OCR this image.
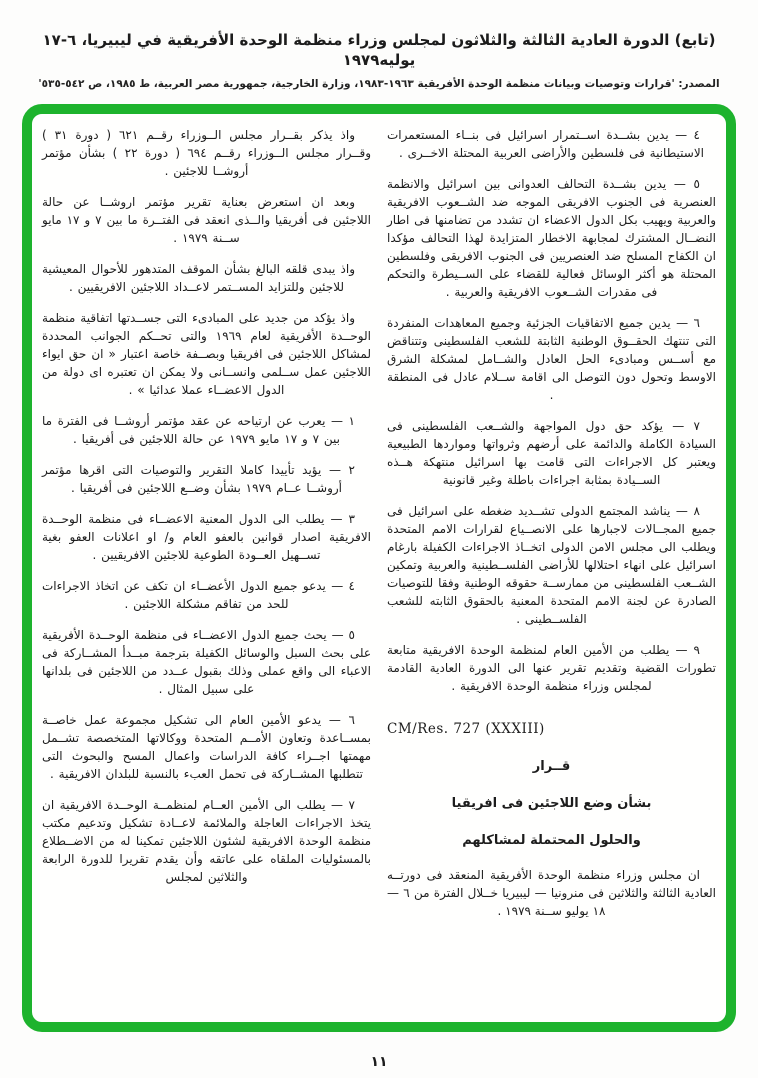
(تابع) الدورة العادية الثالثة والثلاثون لمجلس وزراء منظمة الوحدة الأفريقية في ليبيريا، ٦-١٧ يوليه١٩٧٩
المصدر: 'قرارات وتوصيات وبيانات منظمة الوحدة الأفريقية ١٩٦٣-١٩٨٣، وزارة الخارجية، جمهورية مصر العربية، ط ١٩٨٥، ص ٥٤٢-٥٣٥'

٤ — يدين بشــدة اســتمرار اسرائيل فى بنــاء المستعمرات الاستيطانية فى فلسطين والأراضى العربية المحتلة الاخــرى .

٥ — يدين بشــدة التحالف العدوانى بين اسرائيل والانظمة العنصرية فى الجنوب الافريقى الموجه ضد الشــعوب الافريقية والعربية ويهيب بكل الدول الاعضاء ان تشدد من تضامنها فى اطار النضــال المشترك لمجابهة الاخطار المتزايدة لهذا التحالف مؤكدا ان الكفاح المسلح ضد العنصريين فى الجنوب الافريقى وفلسطين المحتلة هو أكثر الوسائل فعالية للقضاء على الســيطرة والتحكم فى مقدرات الشــعوب الافريقية والعربية .

٦ — يدين جميع الاتفاقيات الجزئية وجميع المعاهدات المنفردة التى تنتهك الحقــوق الوطنية الثابتة للشعب الفلسطينى وتتناقض مع أســس ومبادىء الحل العادل والشــامل لمشكلة الشرق الاوسط وتحول دون التوصل الى اقامة ســلام عادل فى المنطقة .

٧ — يؤكد حق دول المواجهة والشــعب الفلسطينى فى السيادة الكاملة والدائمة على أرضهم وثرواتها ومواردها الطبيعية ويعتبر كل الاجراءات التى قامت بها اسرائيل منتهكة هــذه الســيادة بمثابة اجراءات باطلة وغير قانونية

٨ — يناشد المجتمع الدولى تشــديد ضغطه على اسرائيل فى جميع المجــالات لاجبارها على الانصــياع لقرارات الامم المتحدة ويطلب الى مجلس الامن الدولى اتخــاذ الاجراءات الكفيلة بارغام اسرائيل على انهاء احتلالها للأراضى الفلســطينية والعربية وتمكين الشــعب الفلسطينى من ممارســة حقوقه الوطنية وفقا للتوصيات الصادرة عن لجنة الامم المتحدة المعنية بالحقوق الثابته للشعب الفلســطينى .

٩ — يطلب من الأمين العام لمنظمة الوحدة الافريقية متابعة تطورات القضية وتقديم تقرير عنها الى الدورة العادية القادمة لمجلس وزراء منظمة الوحدة الافريقية .

CM/Res. 727 (XXXIII)

قــرار

بشأن وضع اللاجئين فى افريقيا

والحلول المحتملة لمشاكلهم

ان مجلس وزراء منظمة الوحدة الأفريقية المنعقد فى دورتــه العادية الثالثة والثلاثين فى منرونيا — ليبيريا خــلال الفترة من ٦ — ١٨ يوليو ســنة ١٩٧٩ .

واذ يذكر بقــرار مجلس الــوزراء رقــم ٦٢١ ( دورة ٣١ ) وقــرار مجلس الــوزراء رقــم ٦٩٤ ( دورة ٢٢ ) بشأن مؤتمر أروشــا للاجئين .

وبعد ان استعرض بعناية تقرير مؤتمر اروشــا عن حالة اللاجئين فى أفريقيا والــذى انعقد فى الفتــرة ما بين ٧ و ١٧ مايو ســنة ١٩٧٩ .

واذ يبدى قلقه البالغ بشأن الموقف المتدهور للأحوال المعيشية للاجئين وللتزايد المســتمر لاعــداد اللاجئين الافريقيين .

واذ يؤكد من جديد على المبادىء التى جســدتها اتفاقية منظمة الوحــدة الأفريقية لعام ١٩٦٩ والتى تحــكم الجوانب المحددة لمشاكل اللاجئين فى افريقيا وبصــفة خاصة اعتبار « ان حق ايواء اللاجئين عمل ســلمى وانســانى ولا يمكن ان تعتبره اى دولة من الدول الاعضــاء عملا عدائيا » .

١ — يعرب عن ارتياحه عن عقد مؤتمر أروشــا فى الفترة ما بين ٧ و ١٧ مايو ١٩٧٩ عن حالة اللاجئين فى أفريقيا .

٢ — يؤيد تأييدا كاملا التقرير والتوصيات التى اقرها مؤتمر أروشــا عــام ١٩٧٩ بشأن وضــع اللاجئين فى أفريقيا .

٣ — يطلب الى الدول المعنية الاعضــاء فى منظمة الوحــدة الافريقية اصدار قوانين بالعفو العام و/ او اعلانات العفو بغية تســهيل العــودة الطوعية للاجئين الافريقيين .

٤ — يدعو جميع الدول الأعضــاء ان تكف عن اتخاذ الاجراءات للحد من تفاقم مشكلة اللاجئين .

٥ — يحث جميع الدول الاعضــاء فى منظمة الوحــدة الأفريقية على بحث السبل والوسائل الكفيلة بترجمة مبــدأ المشــاركة فى الاعباء الى واقع عملى وذلك بقبول عــدد من اللاجئين فى بلدانها على سبيل المثال .

٦ — يدعو الأمين العام الى تشكيل مجموعة عمل خاصــة بمســاعدة وتعاون الأمــم المتحدة ووكالاتها المتخصصة تشــمل مهمتها اجــراء كافة الدراسات واعمال المسح والبحوث التى تتطلبها المشــاركة فى تحمل العبء بالنسبة للبلدان الافريقية .

٧ — يطلب الى الأمين العــام لمنظمــة الوحــدة الافريقية ان يتخذ الاجراءات العاجلة والملائمة لاعــادة تشكيل وتدعيم مكتب منظمة الوحدة الافريقية لشئون اللاجئين تمكينا له من الاضــطلاع بالمسئوليات الملقاه على عاتقه وأن يقدم تقريرا للدورة الرابعة والثلاثين لمجلس

١١
